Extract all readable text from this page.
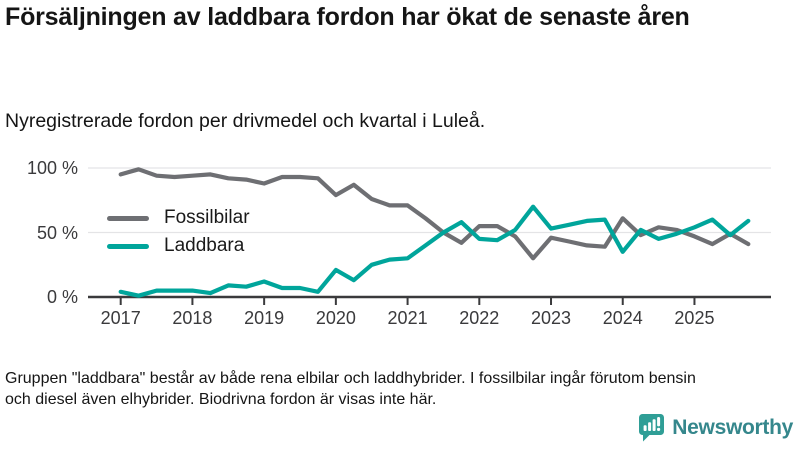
Försäljningen av laddbara fordon har ökat de senaste åren

Nyregistrerade fordon per drivmedel och kvartal i Luleå.

100 %
50 %
0 %
2017	2018	2019	2020	2021	2022	2023	2024	2025
Fossilbilar
Laddbara

Gruppen "laddbara" består av både rena elbilar och laddhybrider. I fossilbilar ingår förutom bensin
och diesel även elhybrider. Biodrivna fordon är visas inte här.

Newsworthy
